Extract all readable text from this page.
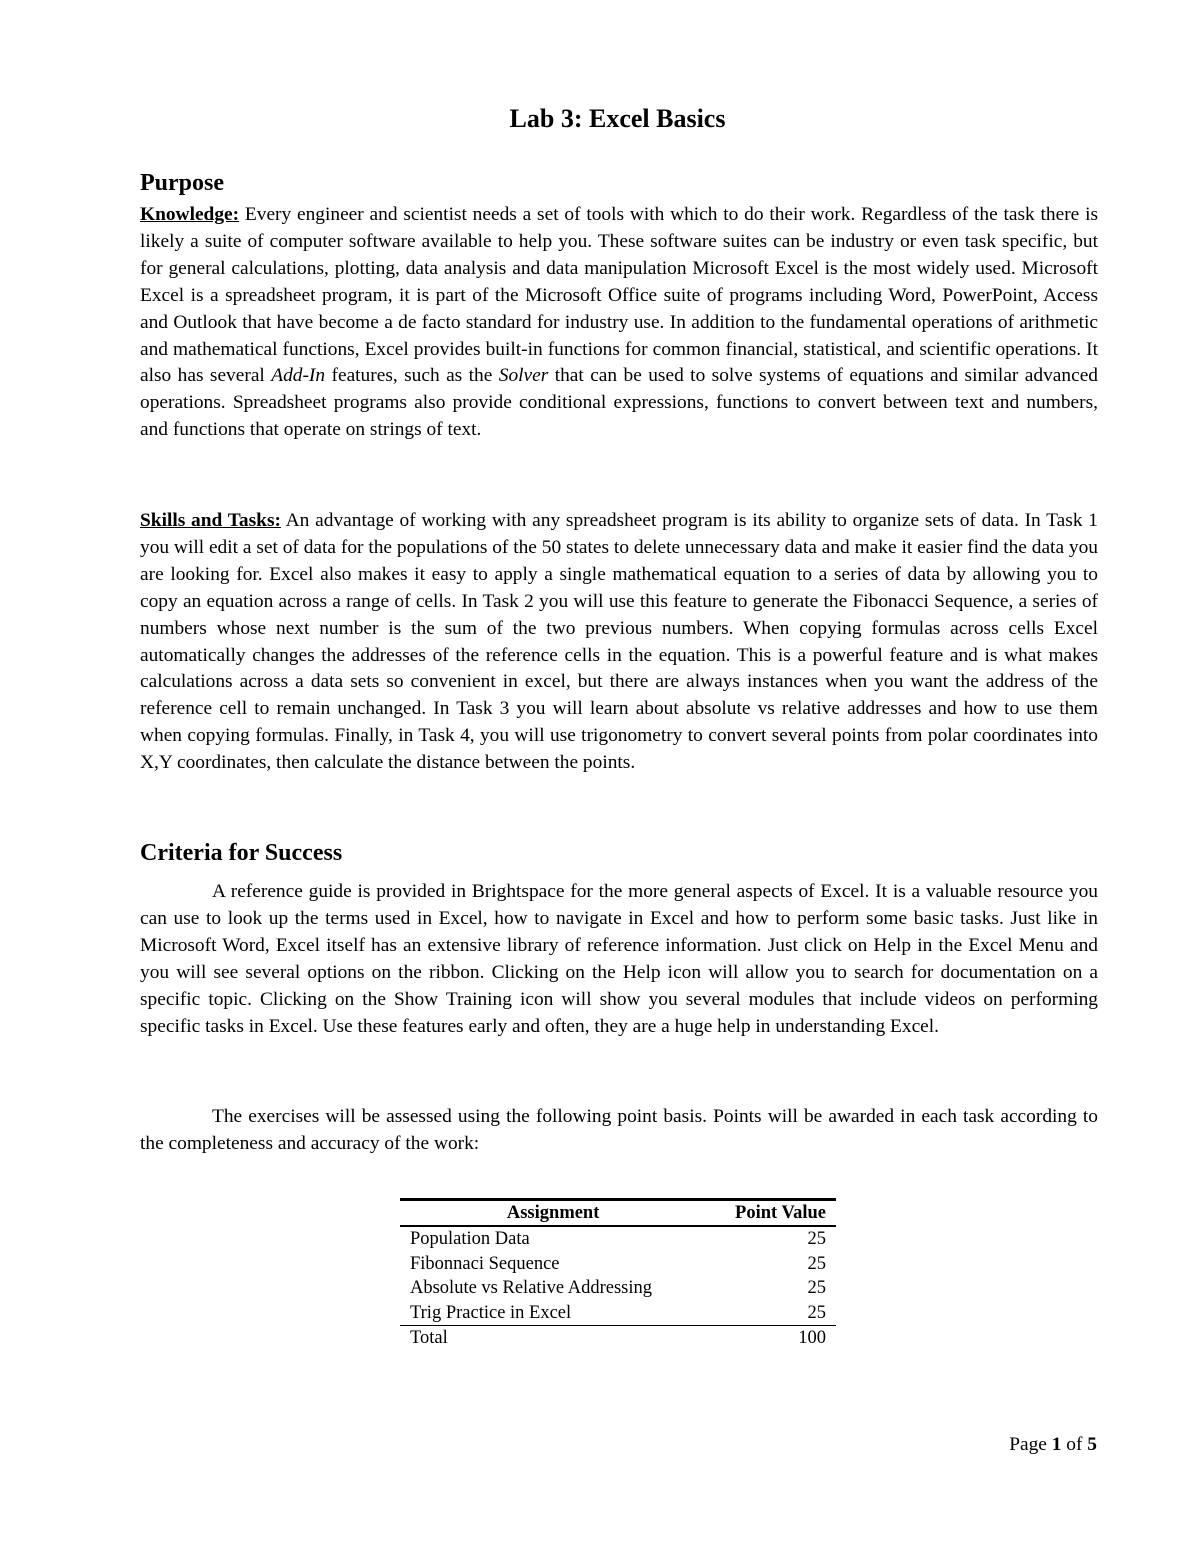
Lab 3: Excel Basics
Purpose

Knowledge: Every engineer and scientist needs a set of tools with which to do their work. Regardless of the task there is likely a suite of computer software available to help you. These software suites can be industry or even task specific, but for general calculations, plotting, data analysis and data manipulation Microsoft Excel is the most widely used. Microsoft Excel is a spreadsheet program, it is part of the Microsoft Office suite of programs including Word, PowerPoint, Access and Outlook that have become a de facto standard for industry use. In addition to the fundamental operations of arithmetic and mathematical functions, Excel provides built-in functions for common financial, statistical, and scientific operations. It also has several Add-In features, such as the Solver that can be used to solve systems of equations and similar advanced operations. Spreadsheet programs also provide conditional expressions, functions to convert between text and numbers, and functions that operate on strings of text.

Skills and Tasks: An advantage of working with any spreadsheet program is its ability to organize sets of data. In Task 1 you will edit a set of data for the populations of the 50 states to delete unnecessary data and make it easier find the data you are looking for. Excel also makes it easy to apply a single mathematical equation to a series of data by allowing you to copy an equation across a range of cells. In Task 2 you will use this feature to generate the Fibonacci Sequence, a series of numbers whose next number is the sum of the two previous numbers. When copying formulas across cells Excel automatically changes the addresses of the reference cells in the equation. This is a powerful feature and is what makes calculations across a data sets so convenient in excel, but there are always instances when you want the address of the reference cell to remain unchanged. In Task 3 you will learn about absolute vs relative addresses and how to use them when copying formulas. Finally, in Task 4, you will use trigonometry to convert several points from polar coordinates into X,Y coordinates, then calculate the distance between the points.

Criteria for Success

A reference guide is provided in Brightspace for the more general aspects of Excel. It is a valuable resource you can use to look up the terms used in Excel, how to navigate in Excel and how to perform some basic tasks. Just like in Microsoft Word, Excel itself has an extensive library of reference information. Just click on Help in the Excel Menu and you will see several options on the ribbon. Clicking on the Help icon will allow you to search for documentation on a specific topic. Clicking on the Show Training icon will show you several modules that include videos on performing specific tasks in Excel. Use these features early and often, they are a huge help in understanding Excel.

The exercises will be assessed using the following point basis. Points will be awarded in each task according to the completeness and accuracy of the work:

Assignment	Point Value
Population Data	25
Fibonnaci Sequence	25
Absolute vs Relative Addressing	25
Trig Practice in Excel	25
Total	100

Page 1 of 5
